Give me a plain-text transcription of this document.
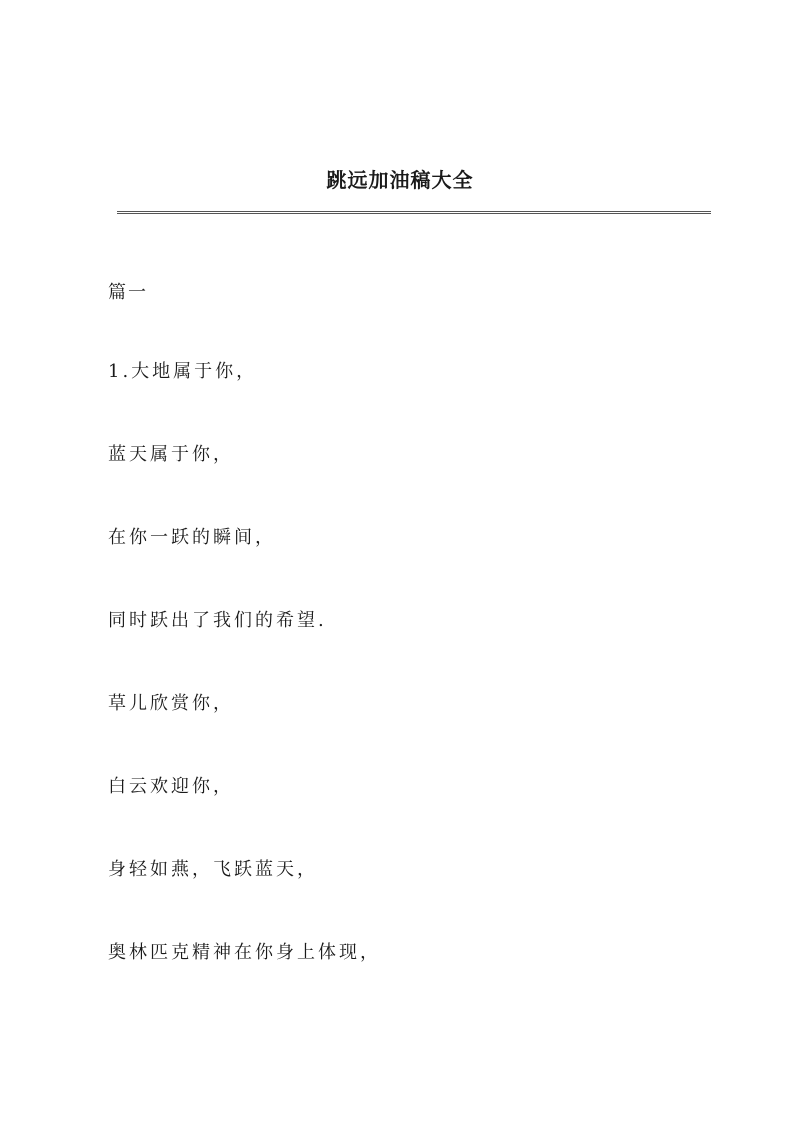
跳远加油稿大全
篇一
1.大地属于你，
蓝天属于你，
在你一跃的瞬间，
同时跃出了我们的希望.
草儿欣赏你，
白云欢迎你，
身轻如燕，飞跃蓝天，
奥林匹克精神在你身上体现，
